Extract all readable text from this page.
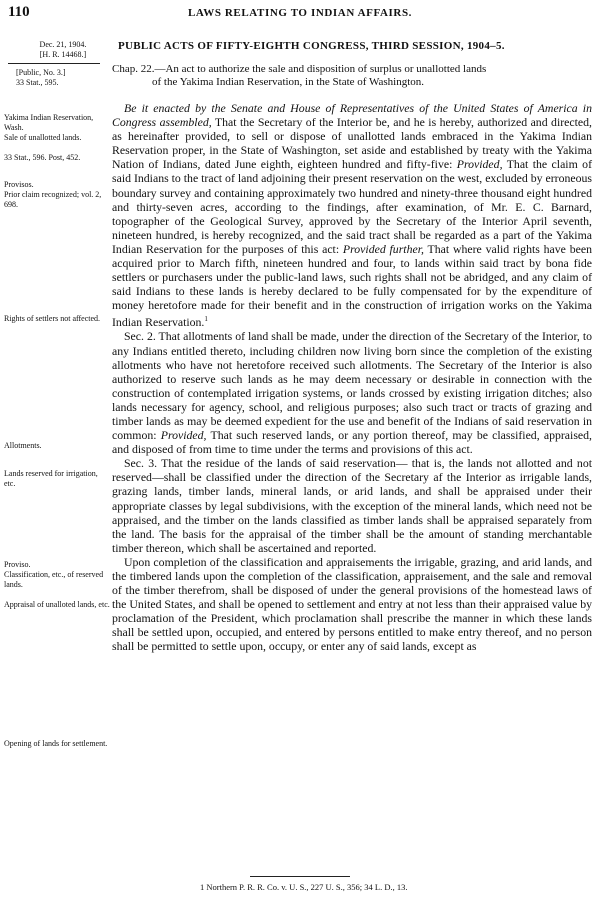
110	LAWS RELATING TO INDIAN AFFAIRS.
PUBLIC ACTS OF FIFTY-EIGHTH CONGRESS, THIRD SESSION, 1904–5.
Dec. 21, 1904.
[H. R. 14468.]
[Public, No. 3.]
33 Stat., 595.
Chap. 22.—An act to authorize the sale and disposition of surplus or unallotted lands
of the Yakima Indian Reservation, in the State of Washington.
Yakima Indian Reservation, Wash.
Sale of unallotted lands.
33 Stat., 596. Post, 452.
Provisos.
Prior claim recognized; vol. 2, 698.
Rights of settlers not affected.
Allotments.
Lands reserved for irrigation, etc.
Proviso.
Classification, etc., of reserved lands.
Appraisal of unalloted lands, etc.
Opening of lands for settlement.

Be it enacted by the Senate and House of Representatives of the United States of America in Congress assembled, That the Secretary of the Interior be, and he is hereby, authorized and directed, as hereinafter provided, to sell or dispose of unallotted lands embraced in the Yakima Indian Reservation proper, in the State of Washington, set aside and established by treaty with the Yakima Nation of Indians, dated June eighth, eighteen hundred and fifty-five: Provided, That the claim of said Indians to the tract of land adjoining their present reservation on the west, excluded by erroneous boundary survey and containing approximately two hundred and ninety-three thousand eight hundred and thirty-seven acres, according to the findings, after examination, of Mr. E. C. Barnard, topographer of the Geological Survey, approved by the Secretary of the Interior April seventh, nineteen hundred, is hereby recognized, and the said tract shall be regarded as a part of the Yakima Indian Reservation for the purposes of this act: Provided further, That where valid rights have been acquired prior to March fifth, nineteen hundred and four, to lands within said tract by bona fide settlers or purchasers under the public-land laws, such rights shall not be abridged, and any claim of said Indians to these lands is hereby declared to be fully compensated for by the expenditure of money heretofore made for their benefit and in the construction of irrigation works on the Yakima Indian Reservation.$^1$

Sec. 2. That allotments of land shall be made, under the direction of the Secretary of the Interior, to any Indians entitled thereto, including children now living born since the completion of the existing allotments who have not heretofore received such allotments. The Secretary of the Interior is also authorized to reserve such lands as he may deem necessary or desirable in connection with the construction of contemplated irrigation systems, or lands crossed by existing irrigation ditches; also lands necessary for agency, school, and religious purposes; also such tract or tracts of grazing and timber lands as may be deemed expedient for the use and benefit of the Indians of said reservation in common: Provided, That such reserved lands, or any portion thereof, may be classified, appraised, and disposed of from time to time under the terms and provisions of this act.

Sec. 3. That the residue of the lands of said reservation— that is, the lands not allotted and not reserved—shall be classified under the direction of the Secretary af the Interior as irrigable lands, grazing lands, timber lands, mineral lands, or arid lands, and shall be appraised under their appropriate classes by legal subdivisions, with the exception of the mineral lands, which need not be appraised, and the timber on the lands classified as timber lands shall be appraised separately from the land. The basis for the appraisal of the timber shall be the amount of standing merchantable timber thereon, which shall be ascertained and reported.

Upon completion of the classification and appraisements the irrigable, grazing, and arid lands, and the timbered lands upon the completion of the classification, appraisement, and the sale and removal of the timber therefrom, shall be disposed of under the general provisions of the homestead laws of the United States, and shall be opened to settlement and entry at not less than their appraised value by proclamation of the President, which proclamation shall prescribe the manner in which these lands shall be settled upon, occupied, and entered by persons entitled to make entry thereof, and no person shall be permitted to settle upon, occupy, or enter any of said lands, except as

1 Northern P. R. R. Co. v. U. S., 227 U. S., 356; 34 L. D., 13.
